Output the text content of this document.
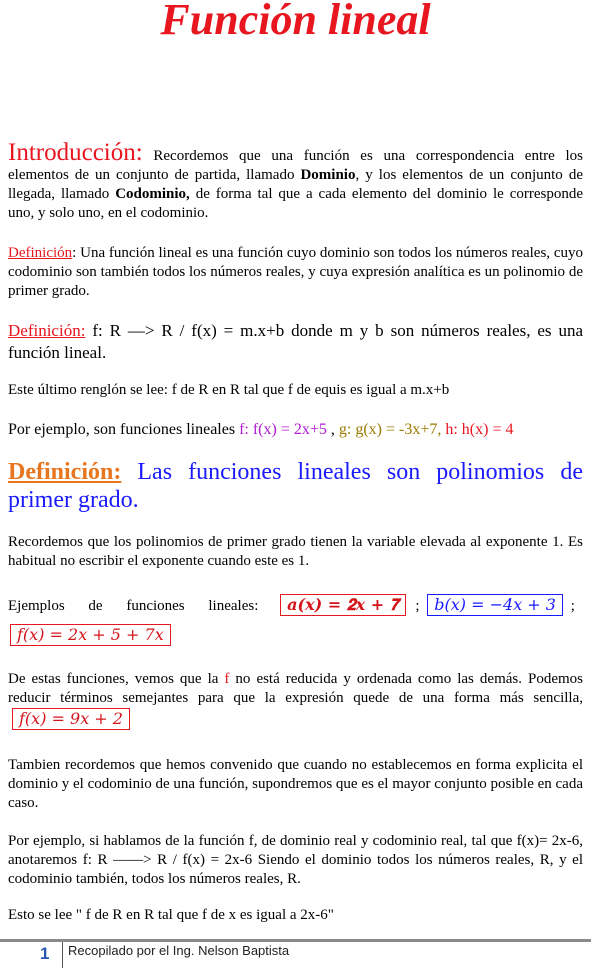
Función lineal

Introducción: Recordemos que una función es una correspondencia entre los elementos de un conjunto de partida, llamado Dominio, y los elementos de un conjunto de llegada, llamado Codominio, de forma tal que a cada elemento del dominio le corresponde uno, y solo uno, en el codominio.

Definición: Una función lineal es una función cuyo dominio son todos los números reales, cuyo codominio son también todos los números reales, y cuya expresión analítica es un polinomio de primer grado.

Definición: f: R —> R / f(x) = m.x+b donde m y b son números reales, es una función lineal.

Este último renglón se lee: f de R en R tal que f de equis es igual a m.x+b

Por ejemplo, son funciones lineales f: f(x) = 2x+5 , g: g(x) = -3x+7, h: h(x) = 4

Definición: Las funciones lineales son polinomios de primer grado.

Recordemos que los polinomios de primer grado tienen la variable elevada al exponente 1. Es habitual no escribir el exponente cuando este es 1.

Ejemplos de funciones lineales: 𝒂(𝒙) = 𝟐𝒙 + 𝟕 ; 𝑏(𝑥) = −4𝑥 + 3 ;
𝑓(𝑥) = 2𝑥 + 5 + 7𝑥

De estas funciones, vemos que la f no está reducida y ordenada como las demás. Podemos reducir términos semejantes para que la expresión quede de una forma más sencilla, 𝑓(𝑥) = 9𝑥 + 2

Tambien recordemos que hemos convenido que cuando no establecemos en forma explicita el dominio y el codominio de una función, supondremos que es el mayor conjunto posible en cada caso.

Por ejemplo, si hablamos de la función f, de dominio real y codominio real, tal que f(x)= 2x-6, anotaremos f: R ——> R / f(x) = 2x-6 Siendo el dominio todos los números reales, R, y el codominio también, todos los números reales, R.

Esto se lee " f de R en R tal que f de x es igual a 2x-6"

1 Recopilado por el Ing. Nelson Baptista
